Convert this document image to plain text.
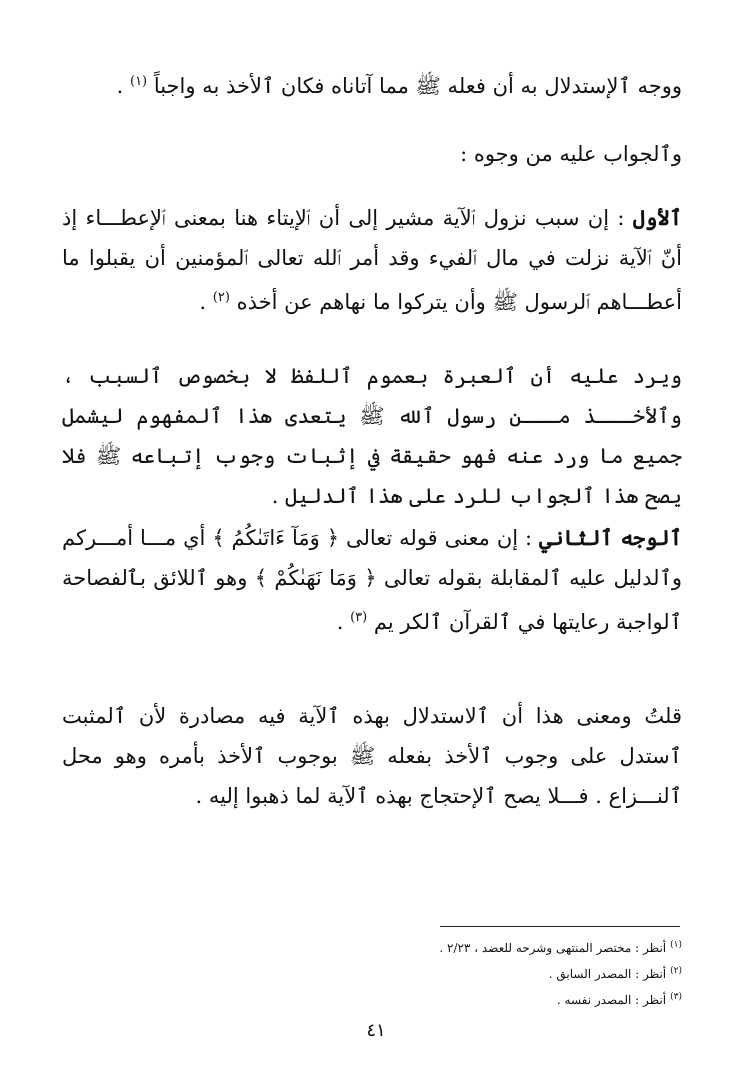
ووجه ٱلإستدلال به أن فعله ﷺ مما آتاناه فكان ٱلأخذ به واجباً $^{(١)}$ .

وٱلجواب عليه من وجوه :

ٱلأول : إن سبب نزول ٱلآية مشير إلى أن ٱلإيتاء هنا بمعنى ٱلإعطـــاء إذ أنّ ٱلآية نزلت في مال ٱلفيء وقد أمر ٱلله تعالى ٱلمؤمنين أن يقبلوا ما أعطـــاهم ٱلرسول ﷺ وأن يتركوا ما نهاهم عن أخذه $^{(٢)}$ .

ويرد عليه أن ٱلعبرة بعموم ٱللفظ لا بخصوص ٱلسبب ، وٱلأخـــذ مـــن رسول ٱلله ﷺ يتعدى هذا ٱلمفهوم ليشمل جميع ما ورد عنه فهو حقيقة في إثبات وجوب إتباعه ﷺ فلا يصح هذا ٱلجواب للرد على هذا ٱلدليل .

ٱلوجه ٱلثاني : إن معنى قوله تعالى ﴿ وَمَآ ءَاتَىٰكُمُ ﴾ أي مـــا أمـــركم وٱلدليل عليه ٱلمقابلة بقوله تعالى ﴿ وَمَا نَهَىٰكُمْ ﴾ وهو ٱللائق بٱلفصاحة ٱلواجبة رعايتها في ٱلقرآن ٱلكر يم $^{(٣)}$ .

قلتُ ومعنى هذا أن ٱلاستدلال بهذه ٱلآية فيه مصادرة لأن ٱلمثبت ٱستدل على وجوب ٱلأخذ بفعله ﷺ بوجوب ٱلأخذ بأمره وهو محل ٱلنـــزاع . فـــلا يصح ٱلإحتجاج بهذه ٱلآية لما ذهبوا إليه .

$^{(١)}$أنظر : مختصر المنتهى وشرحه للعضد ، ٢/٢٣ .
$^{(٢)}$أنظر : المصدر السابق .
$^{(٣)}$أنظر : المصدر نفسه .
٤١
